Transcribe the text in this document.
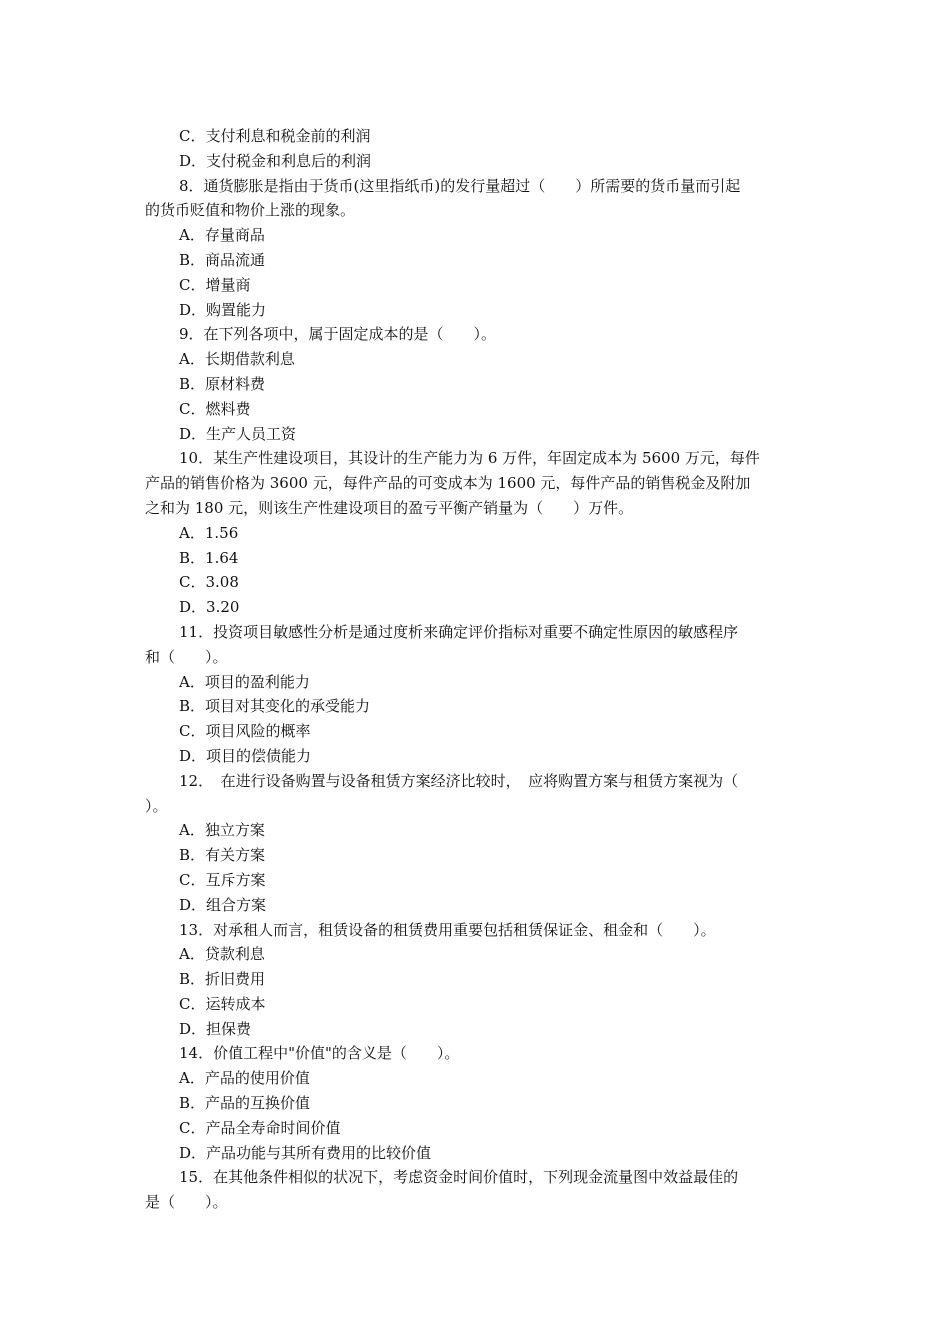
C．支付利息和税金前的利润

D．支付税金和利息后的利润

8．通货膨胀是指由于货币(这里指纸币)的发行量超过（　　）所需要的货币量而引起

的货币贬值和物价上涨的现象。

A．存量商品

B．商品流通

C．增量商

D．购置能力

9．在下列各项中，属于固定成本的是（　　）。

A．长期借款利息

B．原材料费

C．燃料费

D．生产人员工资

10．某生产性建设项目，其设计的生产能力为 6 万件，年固定成本为 5600 万元，每件

产品的销售价格为 3600 元，每件产品的可变成本为 1600 元，每件产品的销售税金及附加

之和为 180 元，则该生产性建设项目的盈亏平衡产销量为（　　）万件。

A．1.56

B．1.64

C．3.08

D．3.20

11．投资项目敏感性分析是通过度析来确定评价指标对重要不确定性原因的敏感程序

和（　　）。

A．项目的盈利能力

B．项目对其变化的承受能力

C．项目风险的概率

D．项目的偿债能力

12．　在进行设备购置与设备租赁方案经济比较时，　应将购置方案与租赁方案视为（

）。

A．独立方案

B．有关方案

C．互斥方案

D．组合方案

13．对承租人而言，租赁设备的租赁费用重要包括租赁保证金、租金和（　　）。

A．贷款利息

B．折旧费用

C．运转成本

D．担保费

14．价值工程中"价值"的含义是（　　）。

A．产品的使用价值

B．产品的互换价值

C．产品全寿命时间价值

D．产品功能与其所有费用的比较价值

15．在其他条件相似的状况下，考虑资金时间价值时，下列现金流量图中效益最佳的

是（　　）。
